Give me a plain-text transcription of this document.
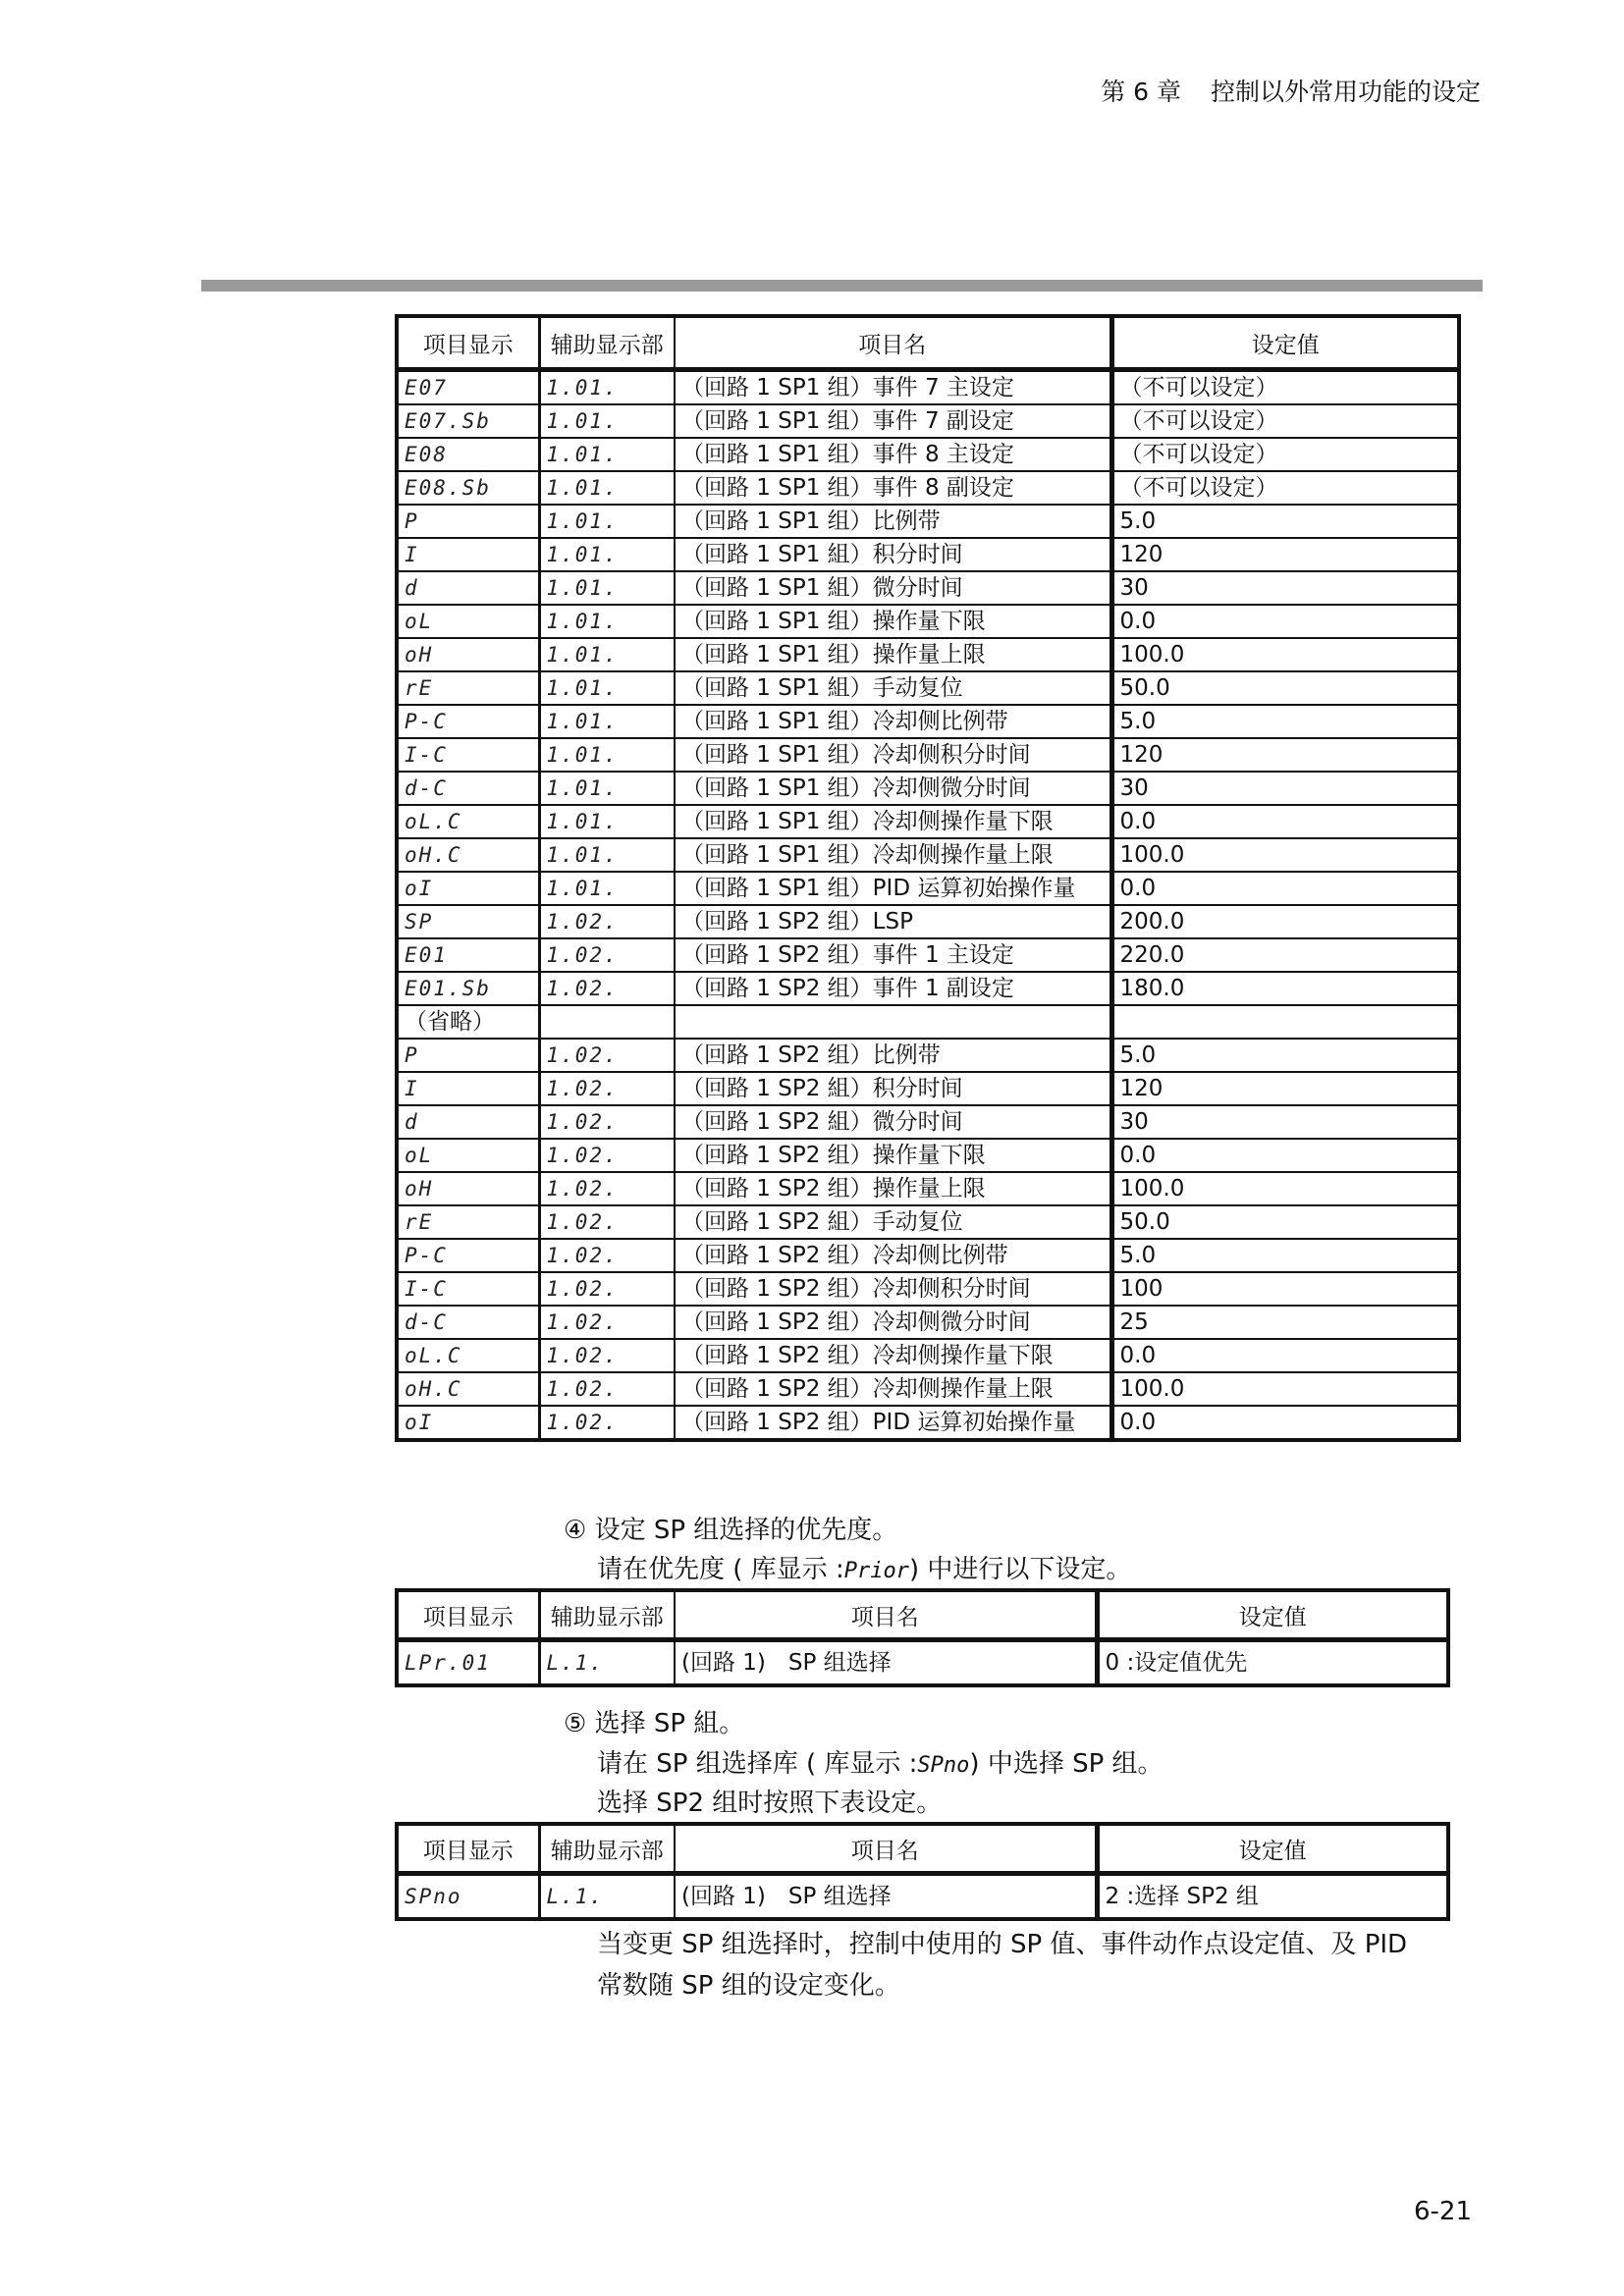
第 6 章 控制以外常用功能的设定
项目显示	辅助显示部	项目名	设定值
E07	1.01.	（回路 1 SP1 组）事件 7 主设定	（不可以设定）
E07.Sb	1.01.	（回路 1 SP1 组）事件 7 副设定	（不可以设定）
E08	1.01.	（回路 1 SP1 组）事件 8 主设定	（不可以设定）
E08.Sb	1.01.	（回路 1 SP1 组）事件 8 副设定	（不可以设定）
P	1.01.	（回路 1 SP1 组）比例带	5.0
I	1.01.	（回路 1 SP1 組）积分时间	120
d	1.01.	（回路 1 SP1 組）微分时间	30
oL	1.01.	（回路 1 SP1 组）操作量下限	0.0
oH	1.01.	（回路 1 SP1 组）操作量上限	100.0
rE	1.01.	（回路 1 SP1 組）手动复位	50.0
P-C	1.01.	（回路 1 SP1 组）冷却侧比例带	5.0
I-C	1.01.	（回路 1 SP1 组）冷却侧积分时间	120
d-C	1.01.	（回路 1 SP1 组）冷却侧微分时间	30
oL.C	1.01.	（回路 1 SP1 组）冷却侧操作量下限	0.0
oH.C	1.01.	（回路 1 SP1 组）冷却侧操作量上限	100.0
oI	1.01.	（回路 1 SP1 组）PID 运算初始操作量	0.0
SP	1.02.	（回路 1 SP2 组）LSP	200.0
E01	1.02.	（回路 1 SP2 组）事件 1 主设定	220.0
E01.Sb	1.02.	（回路 1 SP2 组）事件 1 副设定	180.0
（省略）			
P	1.02.	（回路 1 SP2 组）比例带	5.0
I	1.02.	（回路 1 SP2 組）积分时间	120
d	1.02.	（回路 1 SP2 組）微分时间	30
oL	1.02.	（回路 1 SP2 组）操作量下限	0.0
oH	1.02.	（回路 1 SP2 组）操作量上限	100.0
rE	1.02.	（回路 1 SP2 組）手动复位	50.0
P-C	1.02.	（回路 1 SP2 组）冷却侧比例带	5.0
I-C	1.02.	（回路 1 SP2 组）冷却侧积分时间	100
d-C	1.02.	（回路 1 SP2 组）冷却侧微分时间	25
oL.C	1.02.	（回路 1 SP2 组）冷却侧操作量下限	0.0
oH.C	1.02.	（回路 1 SP2 组）冷却侧操作量上限	100.0
oI	1.02.	（回路 1 SP2 组）PID 运算初始操作量	0.0
④ 设定 SP 组选择的优先度。
请在优先度 ( 库显示 :Prior) 中进行以下设定。
项目显示	辅助显示部	项目名	设定值
LPr.01	L.1.	(回路 1)　SP 组选择	0 :设定值优先
⑤ 选择 SP 組。
请在 SP 组选择库 ( 库显示 :SPno) 中选择 SP 组。
选择 SP2 组时按照下表设定。
项目显示	辅助显示部	项目名	设定值
SPno	L.1.	(回路 1)　SP 组选择	2 :选择 SP2 组
当变更 SP 组选择时，控制中使用的 SP 值、事件动作点设定值、及 PID
常数随 SP 组的设定变化。
6-21
